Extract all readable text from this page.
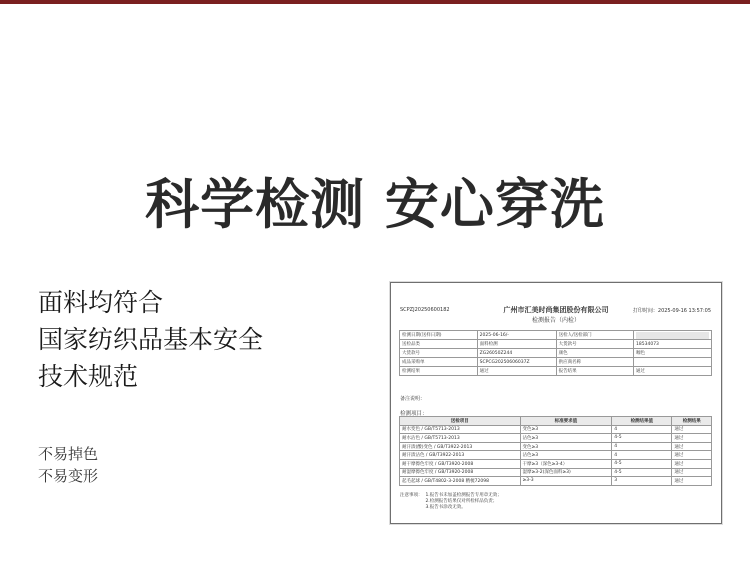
科学检测 安心穿洗
面料均符合
国家纺织品基本安全
技术规范
不易掉色
不易变形
SCPZJ20250600182	广州市汇美时尚集团股份有限公司
检测报告（内检）
打印时间：2025-09-16 13:57:05
检测日期(送样日期)	2025-06-16/-	送检人/送检部门	

送检品类	面料检测	大货款号	18534073
大货款号	ZG26050Z244	颜色	咖色
成品采购单	SCPCG20250606037Z	供应商名称	
检测结果	通过	报告结果	通过
备注说明：
检测项目：
送检项目	标准要求值	检测结果值	检测结果
耐水变色 / GB/T5713-2013	变色≥3	4	通过
耐水沾色 / GB/T5713-2013	沾色≥3	4-5	通过
耐汗渍(酸)变色 / GB/T3922-2013	变色≥3	4	通过
耐汗渍沾色 / GB/T3922-2013	沾色≥3	4	通过
耐干摩擦色牢度 / GB/T3920-2008	干摩≥3（深色≥3-4）	4-5	通过
耐湿摩擦色牢度 / GB/T3920-2008	湿摩≥3-2(深色面料≥3)	4-5	通过
起毛起球 / GB/T4802-3-2008 精梳72098	≥3-3	3	通过
注意事项： 1.报告书未加盖检测报告专用章无效；
2.检测报告结果仅对所检样品负责；
3.报告书涂改无效。
